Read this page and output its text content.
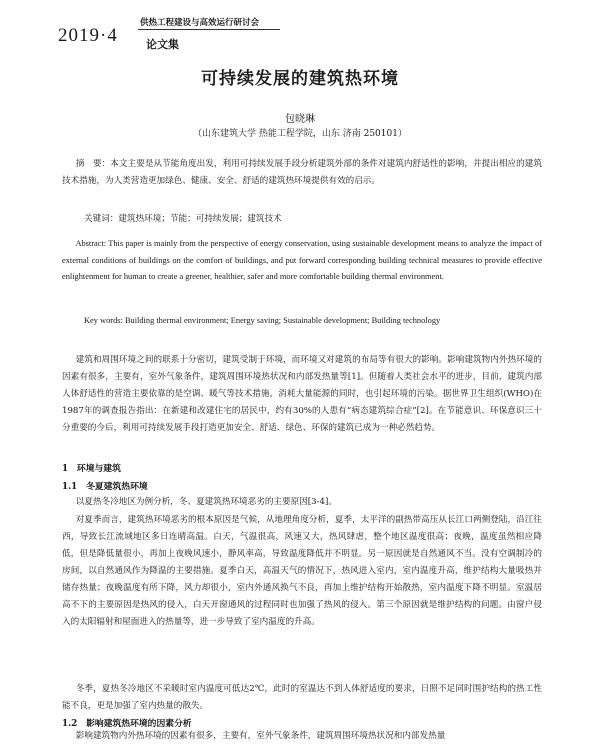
2019·4
供热工程建设与高效运行研讨会
论文集
可持续发展的建筑热环境
包晓琳
（山东建筑大学 热能工程学院，山东 济南 250101）
摘　要：本文主要是从节能角度出发，利用可持续发展手段分析建筑外部的条件对建筑内舒适性的影响，并提出相应的建筑技术措施，为人类营造更加绿色、健康、安全、舒适的建筑热环境提供有效的启示。
关键词：建筑热环境；节能；可持续发展；建筑技术
Abstract: This paper is mainly from the perspective of energy conservation, using sustainable development means to analyze the impact of external conditions of buildings on the comfort of buildings, and put forward corresponding building technical measures to provide effective enlightenment for human to create a greener, healthier, safer and more comfortable building thermal environment.
Key words: Building thermal environment; Energy saving; Sustainable development; Building technology
建筑和周围环境之间的联系十分密切，建筑受制于环境，而环境又对建筑的布局等有很大的影响。影响建筑物内外热环境的因素有很多，主要有，室外气象条件，建筑周围环境热状况和内部发热量等[1]。但随着人类社会水平的进步，目前，建筑内部人体舒适性的营造主要依靠的是空调、暖气等技术措施，消耗大量能源的同时，也引起环境的污染。据世界卫生组织(WHO)在1987年的调查报告指出：在新建和改建住宅的居民中，约有30%的人患有“病态建筑综合症”[2]。在节能意识、环保意识三十分重要的今后，利用可持续发展手段打造更加安全、舒适、绿色、环保的建筑已成为一种必然趋势。
1　环境与建筑
1.1　冬夏建筑热环境
以夏热冬冷地区为例分析，冬、夏建筑热环境恶劣的主要原因[3-4]。
对夏季而言，建筑热环境恶劣的根本原因是气候，从地理角度分析，夏季，太平洋的副热带高压从长江口两侧登陆，沿江往西，导致长江流域地区多日连晴高温。白天，气温很高，风速又大，热风肆虐，整个地区温度很高；夜晚，温度虽然相应降低，但是降低量很小，再加上夜晚风速小，静风率高，导致温度降低并不明显。另一原因就是自然通风不当。没有空调制冷的房间，以自然通风作为降温的主要措施。夏季白天，高温天气的情况下，热风进入室内，室内温度升高，维护结构大量吸热并储存热量；夜晚温度有所下降，风力却很小，室内外通风换气不良，再加上维护结构开始散热，室内温度下降不明显。室温居高不下的主要原因是热风的侵入，白天开窗通风的过程同时也加强了热风的侵入。第三个原因就是维护结构的问题。由窗户侵入的太阳辐射和屋面进入的热量等，进一步导致了室内温度的升高。
冬季，夏热冬冷地区不采暖时室内温度可低达2℃，此时的室温达不到人体舒适度的要求，日照不足同时围护结构的热工性能不良，更是加强了室内热量的散失。
1.2　影响建筑热环境的因素分析
影响建筑物内外热环境的因素有很多，主要有，室外气象条件，建筑周围环境热状况和内部发热量
